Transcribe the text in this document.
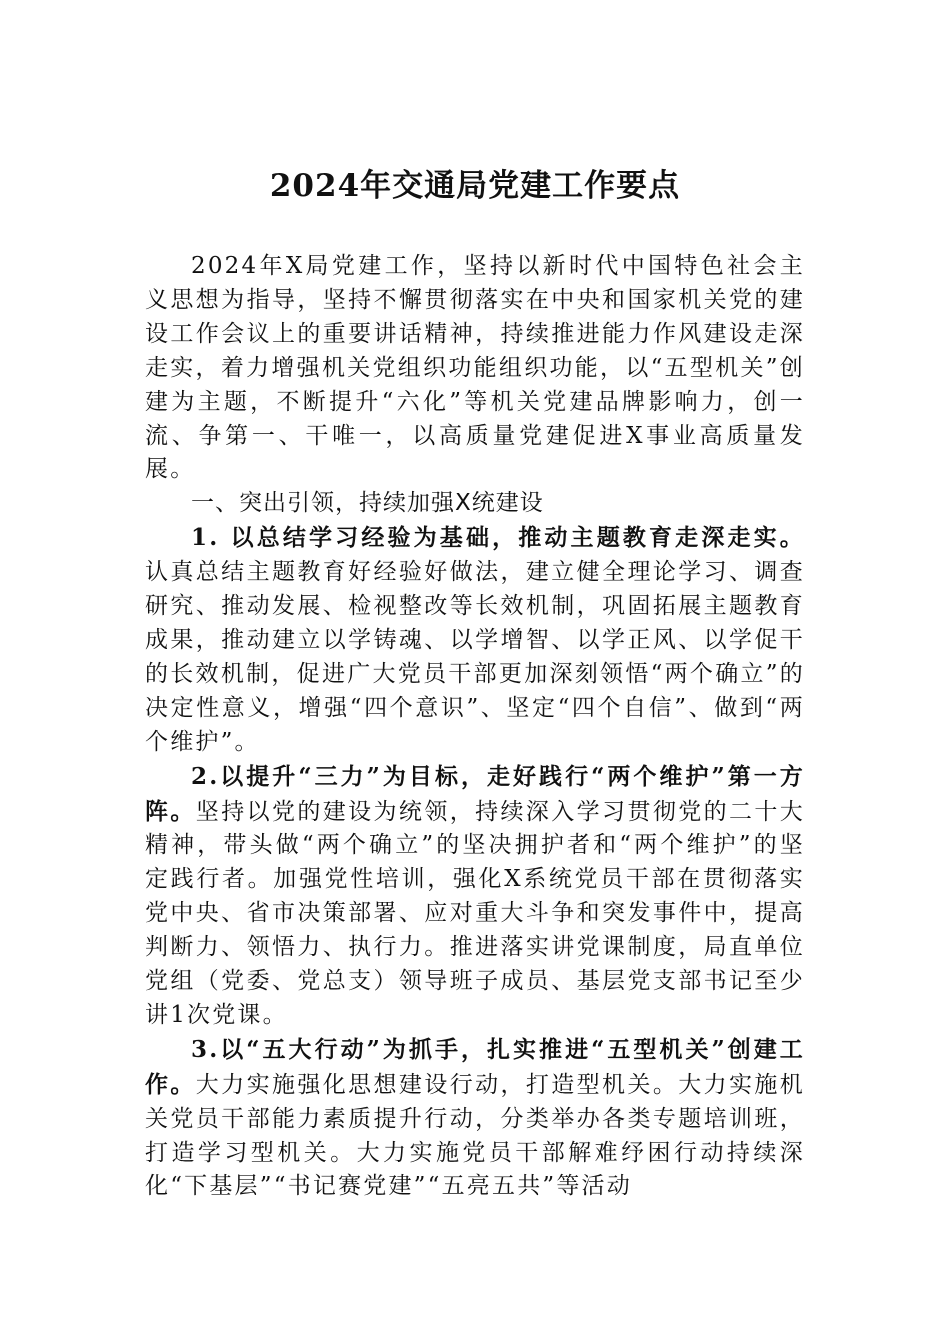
2024年交通局党建工作要点

2024年X局党建工作，坚持以新时代中国特色社会主义思想为指导，坚持不懈贯彻落实在中央和国家机关党的建设工作会议上的重要讲话精神，持续推进能力作风建设走深走实，着力增强机关党组织功能组织功能，以“五型机关”创建为主题，不断提升“六化”等机关党建品牌影响力，创一流、争第一、干唯一，以高质量党建促进X事业高质量发展。

一、突出引领，持续加强X统建设

1. 以总结学习经验为基础，推动主题教育走深走实。认真总结主题教育好经验好做法，建立健全理论学习、调查研究、推动发展、检视整改等长效机制，巩固拓展主题教育成果，推动建立以学铸魂、以学增智、以学正风、以学促干的长效机制，促进广大党员干部更加深刻领悟“两个确立”的决定性意义，增强“四个意识”、坚定“四个自信”、做到“两个维护”。

2.以提升“三力”为目标，走好践行“两个维护”第一方阵。坚持以党的建设为统领，持续深入学习贯彻党的二十大精神，带头做“两个确立”的坚决拥护者和“两个维护”的坚定践行者。加强党性培训，强化X系统党员干部在贯彻落实党中央、省市决策部署、应对重大斗争和突发事件中，提高判断力、领悟力、执行力。推进落实讲党课制度，局直单位党组（党委、党总支）领导班子成员、基层党支部书记至少讲1次党课。

3.以“五大行动”为抓手，扎实推进“五型机关”创建工作。大力实施强化思想建设行动，打造型机关。大力实施机关党员干部能力素质提升行动，分类举办各类专题培训班，打造学习型机关。大力实施党员干部解难纾困行动持续深化“下基层”“书记赛党建”“五亮五共”等活动
